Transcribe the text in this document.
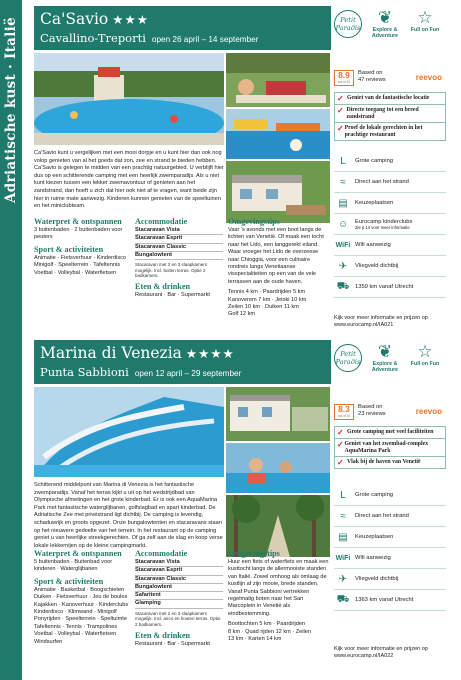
Adriatische kust · Italië
150
Ca'Savio ★★★
Cavallino-Treporti open 26 april – 14 september
Petit Parадis
❦
Explore & Adventure
☆
Full on Fun
Ca'Savio kunt u vergelijken met een mooi dorpje en u kunt hier dan ook nog volop genieten van al het goeds dat zon, zee en strand te bieden hebben. Ca'Savio is gelegen te midden van een prachtig natuurgebied. U verblijft hier dus op een schitterende camping met een heerlijk zwemparadijs. Als u niet kunt kiezen tussen een lekker zwemavontuur of genieten aan het zandstrand, dan hoeft u zich dat hier ook niet af te vragen, want beide zijn hier in ruime mate aanwezig. Kinderen kunnen genieten van de speeltuinen en het miniclubteam.
Waterpret & ontspannen
3 buitenbaden · 2 buitenbaden voor peuters
Sport & activiteiten
Animatie · Fietsverhuur · Kinderdisco
Minigolf · Speelterrein · Tafeltennis
Voetbal · Volleybal · Waterfietsen
Accommodatie
Stacaravan Vista
Stacaravan Esprit
Stacaravan Classic
Bungalowtent
Stacaravan met 2 en 3 slaapkamers mogelijk. Incl. buiten terras. Optie 2 badkamers.
Eten & drinken
Restaurant · Bar · Supermarkt
Omgevingstips
Vaar 's avonds met een boot langs de lichten van Venetië. Of maak een tocht naar het Lido, een langgerekt eiland. Waar vroeger het Lido de overzeese naar Chioggia, voor een culinaire rondreis langs Venetiaanse visspecialiteiten op een van de vele terrassen aan de oude haven.
Tennis 4 km · Paardrijden 5 km
Kanoverem 7 km · Jetski 10 km
Zeilen 10 km · Duiken 11 km
Golf 12 km
Kijk voor meer informatie en prijzen op www.eurocamp.nl/IA021
8.9
out of 10
Based on
47 reviews	reevoo
✓ Geniet van de fantastische locatie
✓ Directe toegang tot een breed zandstrand
✓ Proef de lokale gerechten in het prachtige restaurant
L	Grote camping
≈	Direct aan het strand
▤	Keuzeplaatsen
☺	Eurocamp kinderclubs
Zie p.14 voor meer informatie
WiFi Wifi aanwezig
✈	Vliegveld dichtbij
⛟ 1359 km vanaf Utrecht
Marina di Venezia ★★★★
Punta Sabbioni open 12 april – 29 september
Petit Parадis
❦
Explore & Adventure
☆
Full on Fun
Schitterend middelpunt van Marina di Venezia is het fantastische zwemparadijs. Vanaf het terras kijkt u uit op het wedstrijdbad van Olympische afmetingen en het grote kinderbad. Er is ook een AquaMarina Park met fantastische waterglijbanen, golfslagbad en apart kinderbad. De Adriatische Zee met privéstrand ligt dichtbij. De camping is levendig, schaduwrijk en groots opgezet. Onze bungalowtenten en stacaravans staan op het nieuwere gedeelte van het terrein. In het restaurant op de camping geniet u van heerlijke streekgerechten. Of ga zelf aan de slag en koop verse lokale lekkernijen op de kleine campingmarkt.
Waterpret & ontspannen
5 buitenbaden · Buitenbad voor kinderen · Waterglijbanen
Sport & activiteiten
Animatie · Basketbal · Boogschieten
Duiken · Fietsverhuur · Jeu de boules
Kajakken · Kanoverhuur · Kinderclubs
Kinderdisco · Klimwand · Minigolf
Ponyrijden · Speelterrein · Speltuimte
Tafeltennis · Tennis · Trampolines
Voetbal · Volleybal · Waterfietsen
Windsurfen
Accommodatie
Stacaravan Vista
Stacaravan Esprit
Stacaravan Classic
Bungalowtent
Safaritent
Glamping
Stacaravan met 2 en 3 slaapkamers mogelijk. Incl. airco en houten terras. Optie 2 badkamers.
Eten & drinken
Restaurant · Bar · Supermarkt
Omgevingstips
Huur een fiets of waterfiets en maak een kusttocht langs de allermooiste standen van Italië. Zowel omhoog als omlaag de kustlijn af zijn mooie, brede standen. Vanaf Punta Sabbioni vertrekken regelmatig boten naar het San Marcoplein in Venetië als eindbestemming.
Boottochten 5 km · Paardrijden
8 km · Quad rijden 12 km · Zeilen
13 km · Karten 14 km
Kijk voor meer informatie en prijzen op www.eurocamp.nl/IA022
8.3
out of 10
Based on
23 reviews	reevoo
✓ Grote camping met veel faciliteiten
✓ Geniet van het zwembad-complex AquaMarina Park
✓ Vlak bij de haven van Venetië
L	Grote camping
≈	Direct aan het strand
▤	Keuzeplaatsen
WiFi Wifi aanwezig
✈	Vliegveld dichtbij
⛟ 1363 km vanaf Utrecht
